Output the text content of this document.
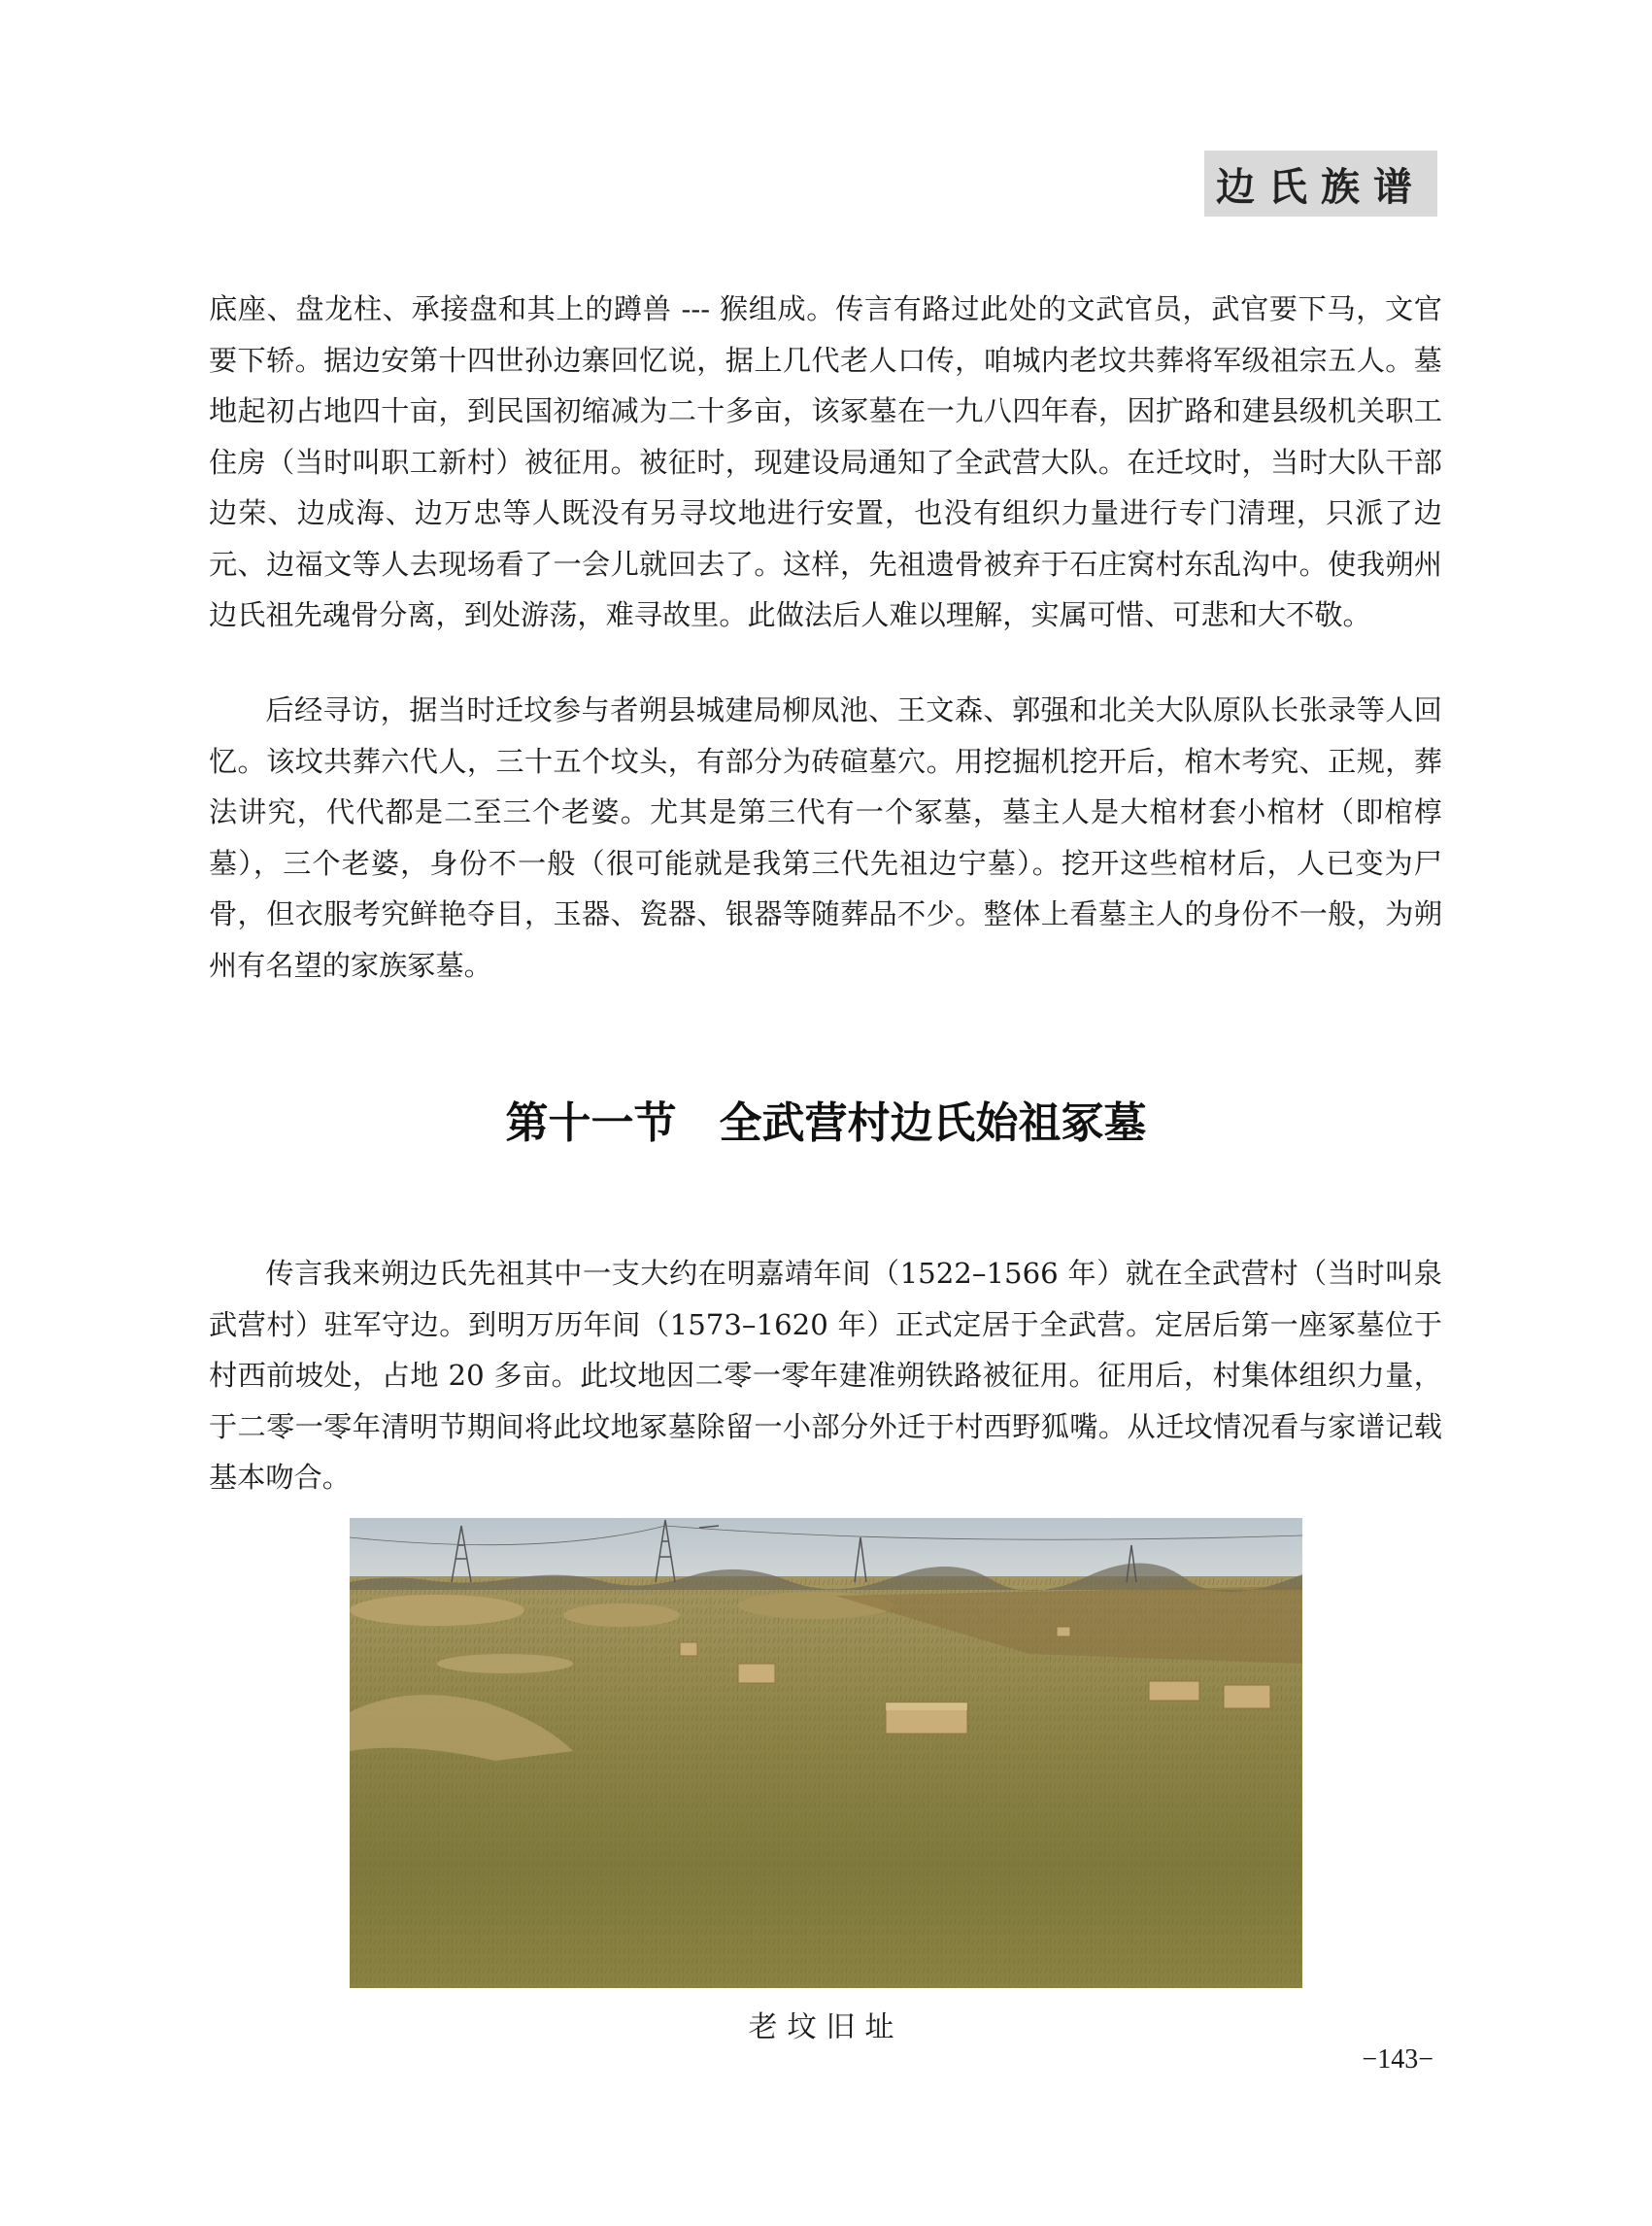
边氏族谱

底座、盘龙柱、承接盘和其上的蹲兽 --- 猴组成。传言有路过此处的文武官员，武官要下马，文官要下轿。据边安第十四世孙边寨回忆说，据上几代老人口传，咱城内老坟共葬将军级祖宗五人。墓地起初占地四十亩，到民国初缩减为二十多亩，该冢墓在一九八四年春，因扩路和建县级机关职工住房（当时叫职工新村）被征用。被征时，现建设局通知了全武营大队。在迁坟时，当时大队干部边荣、边成海、边万忠等人既没有另寻坟地进行安置，也没有组织力量进行专门清理，只派了边元、边福文等人去现场看了一会儿就回去了。这样，先祖遗骨被弃于石庄窝村东乱沟中。使我朔州边氏祖先魂骨分离，到处游荡，难寻故里。此做法后人难以理解，实属可惜、可悲和大不敬。

后经寻访，据当时迁坟参与者朔县城建局柳凤池、王文森、郭强和北关大队原队长张录等人回忆。该坟共葬六代人，三十五个坟头，有部分为砖碹墓穴。用挖掘机挖开后，棺木考究、正规，葬法讲究，代代都是二至三个老婆。尤其是第三代有一个冢墓，墓主人是大棺材套小棺材（即棺椁墓），三个老婆，身份不一般（很可能就是我第三代先祖边宁墓）。挖开这些棺材后，人已变为尸骨，但衣服考究鲜艳夺目，玉器、瓷器、银器等随葬品不少。整体上看墓主人的身份不一般，为朔州有名望的家族冢墓。

第十一节　全武营村边氏始祖冢墓

传言我来朔边氏先祖其中一支大约在明嘉靖年间（1522–1566 年）就在全武营村（当时叫泉武营村）驻军守边。到明万历年间（1573–1620 年）正式定居于全武营。定居后第一座冢墓位于村西前坡处，占地 20 多亩。此坟地因二零一零年建准朔铁路被征用。征用后，村集体组织力量，于二零一零年清明节期间将此坟地冢墓除留一小部分外迁于村西野狐嘴。从迁坟情况看与家谱记载基本吻合。

老坟旧址

−143−
